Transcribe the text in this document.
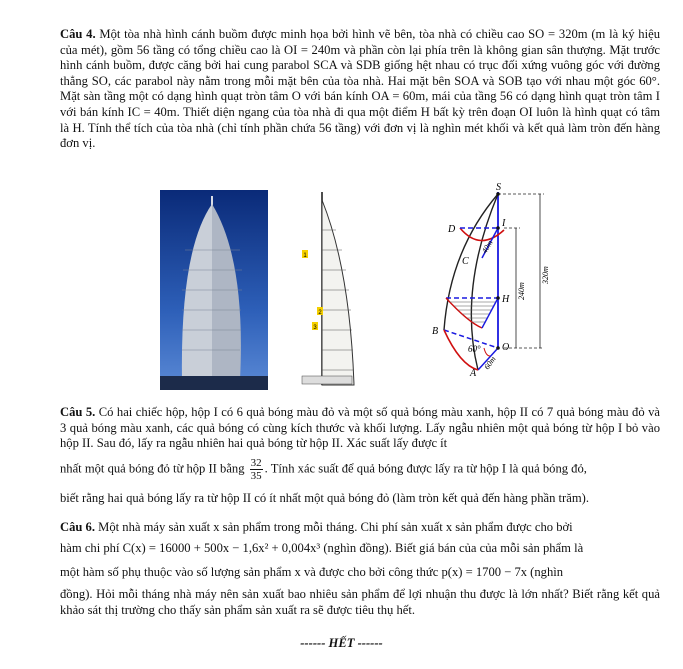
Câu 4. Một tòa nhà hình cánh buồm được minh họa bởi hình vẽ bên, tòa nhà có chiều cao SO = 320m (m là ký hiệu của mét), gồm 56 tầng có tổng chiều cao là OI = 240m và phần còn lại phía trên là không gian sân thượng. Mặt trước hình cánh buồm, được căng bởi hai cung parabol SCA và SDB giống hệt nhau có trục đối xứng vuông góc với đường thẳng SO, các parabol này nằm trong mỗi mặt bên của tòa nhà. Hai mặt bên SOA và SOB tạo với nhau một góc 60°. Mặt sàn tầng một có dạng hình quạt tròn tâm O với bán kính OA = 60m, mái của tầng 56 có dạng hình quạt tròn tâm I với bán kính IC = 40m. Thiết diện ngang của tòa nhà đi qua một điểm H bất kỳ trên đoạn OI luôn là hình quạt có tâm là H. Tính thể tích của tòa nhà (chỉ tính phần chứa 56 tầng) với đơn vị là nghìn mét khối và kết quả làm tròn đến hàng đơn vị.

1
2
3
S
I
D
C
H
B
O
A
40m
240m
320m
60°
60m

Câu 5. Có hai chiếc hộp, hộp I có 6 quả bóng màu đỏ và một số quả bóng màu xanh, hộp II có 7 quả bóng màu đỏ và 3 quả bóng màu xanh, các quả bóng có cùng kích thước và khối lượng. Lấy ngẫu nhiên một quả bóng từ hộp I bỏ vào hộp II. Sau đó, lấy ra ngẫu nhiên hai quả bóng từ hộp II. Xác suất lấy được ít

nhất một quả bóng đỏ từ hộp II bằng $\frac{32}{35}$ . Tính xác suất để quả bóng được lấy ra từ hộp I là quả bóng đỏ,

biết rằng hai quả bóng lấy ra từ hộp II có ít nhất một quả bóng đỏ (làm tròn kết quả đến hàng phần trăm).

Câu 6. Một nhà máy sản xuất x sản phẩm trong mỗi tháng. Chi phí sản xuất x sản phẩm được cho bởi

hàm chi phí C(x) = 16000 + 500x − 1,6x² + 0,004x³ (nghìn đồng). Biết giá bán của của mỗi sản phẩm là

một hàm số phụ thuộc vào số lượng sản phẩm x và được cho bởi công thức p(x) = 1700 − 7x (nghìn

đồng). Hỏi mỗi tháng nhà máy nên sản xuất bao nhiêu sản phẩm để lợi nhuận thu được là lớn nhất? Biết rằng kết quả khảo sát thị trường cho thấy sản phẩm sản xuất ra sẽ được tiêu thụ hết.

------ HẾT ------
